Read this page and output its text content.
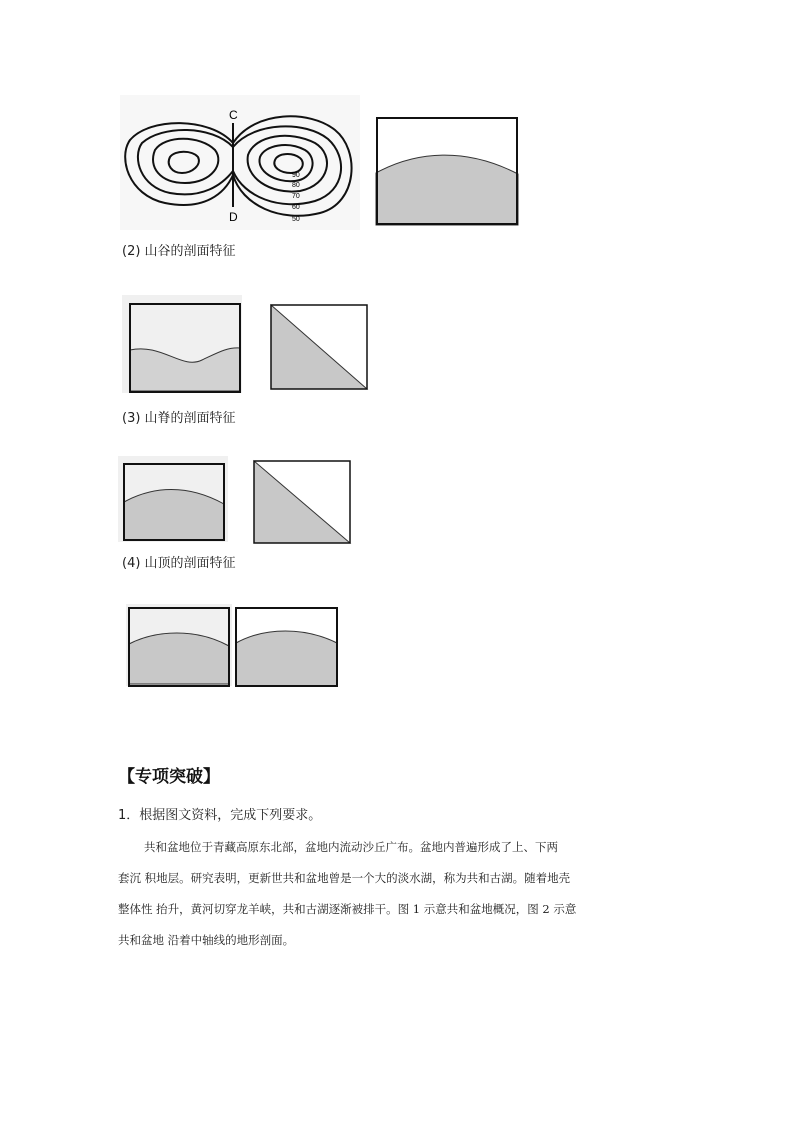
C
D
90
80
70
60
50
(2) 山谷的剖面特征
(3) 山脊的剖面特征
(4) 山顶的剖面特征
【专项突破】
1．根据图文资料，完成下列要求。

共和盆地位于青藏高原东北部，盆地内流动沙丘广布。盆地内普遍形成了上、下两

套沉 积地层。研究表明，更新世共和盆地曾是一个大的淡水湖，称为共和古湖。随着地壳

整体性 抬升，黄河切穿龙羊峡，共和古湖逐渐被排干。图 1 示意共和盆地概况，图 2 示意

共和盆地 沿着中轴线的地形剖面。
